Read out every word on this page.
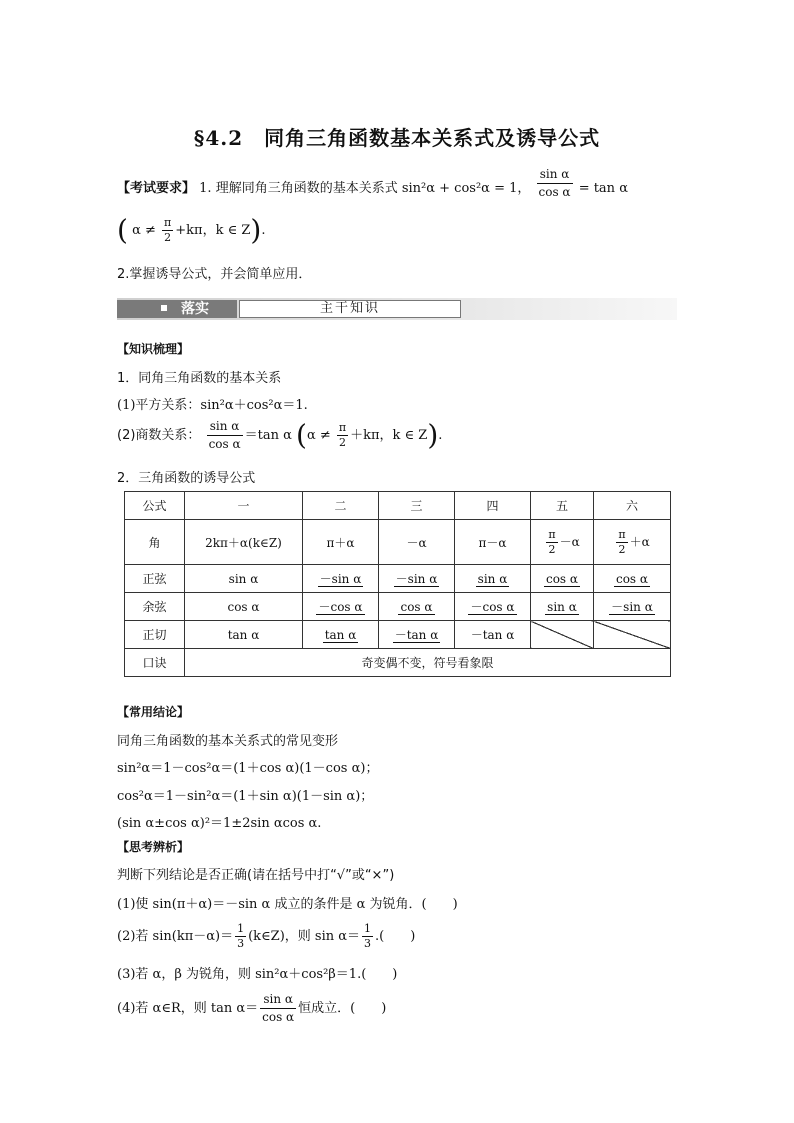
§4.2　同角三角函数基本关系式及诱导公式
【考试要求】 1. 理解同角三角函数的基本关系式 sin²α + cos²α = 1， $\frac{\text{sin α}}{\text{cos α}} = \tan \alpha$
( $\alpha \ne \frac{\pi}{2} +k\pi$，k ∈ Z).
2.掌握诱导公式，并会简单应用．
落实	主干知识
【知识梳理】
1．同角三角函数的基本关系
(1)平方关系：sin²α＋cos²α＝1.
(2)商数关系： $\frac{\text{sin α}}{\text{cos α}} =\tan$ α ($\alpha \ne \frac{\pi}{2} +k\pi$，k ∈ Z).
2．三角函数的诱导公式
公式	一	二	三	四	五	六
角	2kπ＋α(k∈Z)	π＋α	－α	π－α	$\frac{\pi}{2} -\alpha$	$\frac{\pi}{2} +\alpha$
正弦	sin α	－sin α	－sin α	sin α	cos α	cos α
余弦	cos α	－cos α	cos α	－cos α	sin α	－sin α
正切	tan α	tan α	－tan α	－tan α		
口诀	奇变偶不变，符号看象限					
【常用结论】
同角三角函数的基本关系式的常见变形
sin²α＝1－cos²α＝(1＋cos α)(1－cos α)；
cos²α＝1－sin²α＝(1＋sin α)(1－sin α)；
(sin α±cos α)²＝1±2sin αcos α.
【思考辨析】
判断下列结论是否正确(请在括号中打“√”或“×”)
(1)使 sin(π＋α)＝－sin α 成立的条件是 α 为锐角．(　　)
(2)若 $\sin(k\pi-\alpha)= \frac{1}{3}$ (k∈Z)，则 $\sin \alpha= \frac{1}{3}$ .(　　)
(3)若 α，β 为锐角，则 sin²α＋cos²β＝1.(　　)
(4)若 α∈R，则 $\tan \alpha= \frac{\text{sin α}}{\text{cos α}}$ 恒成立．(　　)
